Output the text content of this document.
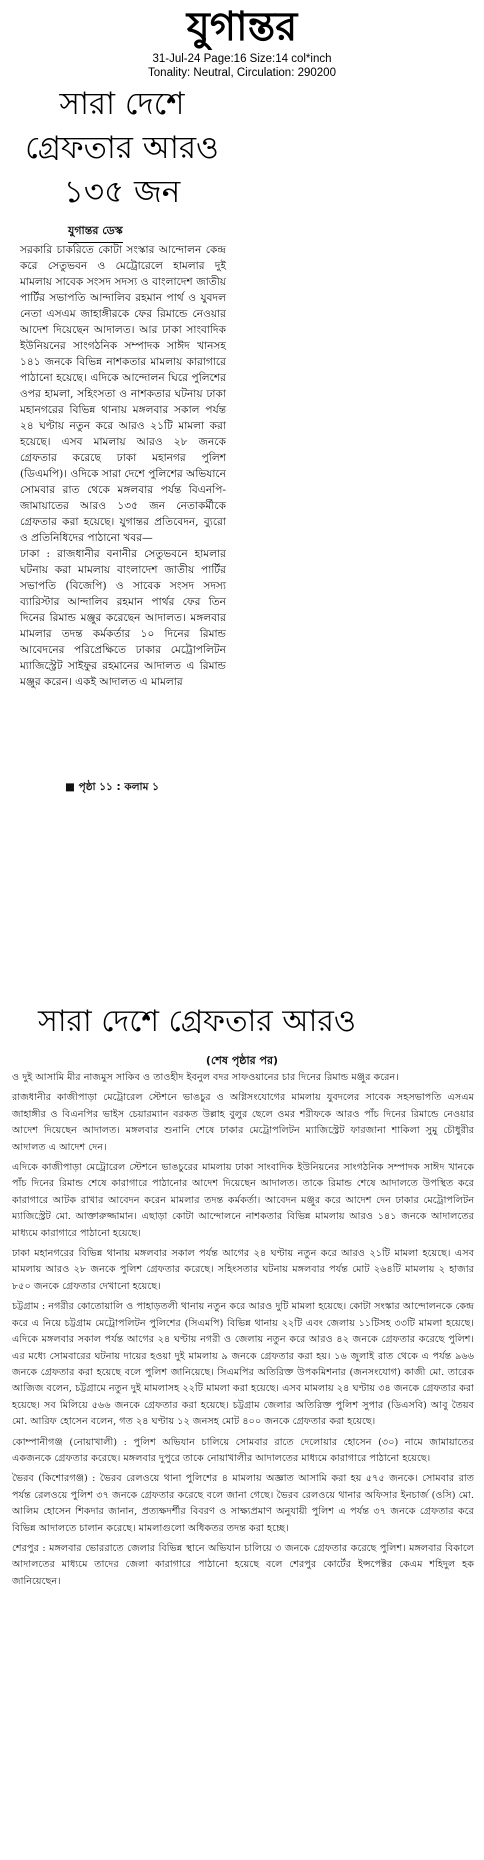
যুগান্তর
31-Jul-24 Page:16 Size:14 col*inch
Tonality: Neutral, Circulation: 290200
সারা দেশে
গ্রেফতার আরও
১৩৫ জন
যুগান্তর ডেস্ক

সরকারি চাকরিতে কোটা সংস্কার আন্দোলন কেন্দ্র করে সেতুভবন ও মেট্রোরেলে হামলার দুই মামলায় সাবেক সংসদ সদস্য ও বাংলাদেশ জাতীয় পার্টির সভাপতি আন্দালিব রহমান পার্থ ও যুবদল নেতা এসএম জাহাঙ্গীরকে ফের রিমান্ডে নেওয়ার আদেশ দিয়েছেন আদালত। আর ঢাকা সাংবাদিক ইউনিয়নের সাংগঠনিক সম্পাদক সাঈদ খানসহ ১৪১ জনকে বিভিন্ন নাশকতার মামলায় কারাগারে পাঠানো হয়েছে। এদিকে আন্দোলন ঘিরে পুলিশের ওপর হামলা, সহিংসতা ও নাশকতার ঘটনায় ঢাকা মহানগরের বিভিন্ন থানায় মঙ্গলবার সকাল পর্যন্ত ২৪ ঘণ্টায় নতুন করে আরও ২১টি মামলা করা হয়েছে। এসব মামলায় আরও ২৮ জনকে গ্রেফতার করেছে ঢাকা মহানগর পুলিশ (ডিএমপি)। ওদিকে সারা দেশে পুলিশের অভিযানে সোমবার রাত থেকে মঙ্গলবার পর্যন্ত বিএনপি-জামায়াতের আরও ১৩৫ জন নেতাকর্মীকে গ্রেফতার করা হয়েছে। যুগান্তর প্রতিবেদন, ব্যুরো ও প্রতিনিধিদের পাঠানো খবর—

ঢাকা : রাজধানীর বনানীর সেতুভবনে হামলার ঘটনায় করা মামলায় বাংলাদেশ জাতীয় পার্টির সভাপতি (বিজেপি) ও সাবেক সংসদ সদস্য ব্যারিস্টার আন্দালিব রহমান পার্থর ফের তিন দিনের রিমান্ড মঞ্জুর করেছেন আদালত। মঙ্গলবার মামলার তদন্ত কর্মকর্তার ১০ দিনের রিমান্ড আবেদনের পরিপ্রেক্ষিতে ঢাকার মেট্রোপলিটন ম্যাজিস্ট্রেট সাইফুর রহমানের আদালত এ রিমান্ড মঞ্জুর করেন। একই আদালত এ মামলার

■ পৃষ্ঠা ১১ : কলাম ১
সারা দেশে গ্রেফতার আরও
(শেষ পৃষ্ঠার পর)

ও দুই আসামি মীর নাজমুস সাকিব ও তাওহীদ ইবনুল বদর সাফওয়ানের চার দিনের রিমান্ড মঞ্জুর করেন।

রাজধানীর কাজীপাড়া মেট্রোরেল স্টেশনে ভাঙচুর ও অগ্নিসংযোগের মামলায় যুবদলের সাবেক সহসভাপতি এসএম জাহাঙ্গীর ও বিএনপির ভাইস চেয়ারম্যান বরকত উল্লাহ বুলুর ছেলে ওমর শরীফকে আরও পাঁচ দিনের রিমান্ডে নেওয়ার আদেশ দিয়েছেন আদালত। মঙ্গলবার শুনানি শেষে ঢাকার মেট্রোপলিটন ম্যাজিস্ট্রেট ফারজানা শাকিলা সুমু চৌধুরীর আদালত এ আদেশ দেন।

এদিকে কাজীপাড়া মেট্রোরেল স্টেশনে ভাঙচুরের মামলায় ঢাকা সাংবাদিক ইউনিয়নের সাংগঠনিক সম্পাদক সাঈদ খানকে পাঁচ দিনের রিমান্ড শেষে কারাগারে পাঠানোর আদেশ দিয়েছেন আদালত। তাকে রিমান্ড শেষে আদালতে উপস্থিত করে কারাগারে আটক রাখার আবেদন করেন মামলার তদন্ত কর্মকর্তা। আবেদন মঞ্জুর করে আদেশ দেন ঢাকার মেট্রোপলিটন ম্যাজিস্ট্রেট মো. আক্তারুজ্জামান। এছাড়া কোটা আন্দোলনে নাশকতার বিভিন্ন মামলায় আরও ১৪১ জনকে আদালতের মাধ্যমে কারাগারে পাঠানো হয়েছে।

ঢাকা মহানগরের বিভিন্ন থানায় মঙ্গলবার সকাল পর্যন্ত আগের ২৪ ঘণ্টায় নতুন করে আরও ২১টি মামলা হয়েছে। এসব মামলায় আরও ২৮ জনকে পুলিশ গ্রেফতার করেছে। সহিংসতার ঘটনায় মঙ্গলবার পর্যন্ত মোট ২৬৪টি মামলায় ২ হাজার ৮৫০ জনকে গ্রেফতার দেখানো হয়েছে।

চট্টগ্রাম : নগরীর কোতোয়ালি ও পাহাড়তলী থানায় নতুন করে আরও দুটি মামলা হয়েছে। কোটা সংস্কার আন্দোলনকে কেন্দ্র করে এ নিয়ে চট্টগ্রাম মেট্রোপলিটন পুলিশের (সিএমপি) বিভিন্ন থানায় ২২টি এবং জেলায় ১১টিসহ ৩৩টি মামলা হয়েছে। এদিকে মঙ্গলবার সকাল পর্যন্ত আগের ২৪ ঘণ্টায় নগরী ও জেলায় নতুন করে আরও ৪২ জনকে গ্রেফতার করেছে পুলিশ। এর মধ্যে সোমবারের ঘটনায় দায়ের হওয়া দুই মামলায় ৯ জনকে গ্রেফতার করা হয়। ১৬ জুলাই রাত থেকে এ পর্যন্ত ৯৬৬ জনকে গ্রেফতার করা হয়েছে বলে পুলিশ জানিয়েছে। সিএমপির অতিরিক্ত উপকমিশনার (জনসংযোগ) কাজী মো. তারেক আজিজ বলেন, চট্টগ্রামে নতুন দুই মামলাসহ ২২টি মামলা করা হয়েছে। এসব মামলায় ২৪ ঘণ্টায় ৩৪ জনকে গ্রেফতার করা হয়েছে। সব মিলিয়ে ৫৬৬ জনকে গ্রেফতার করা হয়েছে। চট্টগ্রাম জেলার অতিরিক্ত পুলিশ সুপার (ডিএসবি) আবু তৈয়ব মো. আরিফ হোসেন বলেন, গত ২৪ ঘণ্টায় ১২ জনসহ মোট ৪০০ জনকে গ্রেফতার করা হয়েছে।

কোম্পানীগঞ্জ (নোয়াখালী) : পুলিশ অভিযান চালিয়ে সোমবার রাতে দেলোয়ার হোসেন (৩০) নামে জামায়াতের একজনকে গ্রেফতার করেছে। মঙ্গলবার দুপুরে তাকে নোয়াখালীর আদালতের মাধ্যমে কারাগারে পাঠানো হয়েছে।

ভৈরব (কিশোরগঞ্জ) : ভৈরব রেলওয়ে থানা পুলিশের ৪ মামলায় অজ্ঞাত আসামি করা হয় ৫৭৫ জনকে। সোমবার রাত পর্যন্ত রেলওয়ে পুলিশ ৩৭ জনকে গ্রেফতার করেছে বলে জানা গেছে। ভৈরব রেলওয়ে থানার অফিসার ইনচার্জ (ওসি) মো. আলিম হোসেন শিকদার জানান, প্রত্যক্ষদর্শীর বিবরণ ও সাক্ষ্যপ্রমাণ অনুযায়ী পুলিশ এ পর্যন্ত ৩৭ জনকে গ্রেফতার করে বিভিন্ন আদালতে চালান করেছে। মামলাগুলো অধিকতর তদন্ত করা হচ্ছে।

শেরপুর : মঙ্গলবার ভোররাতে জেলার বিভিন্ন স্থানে অভিযান চালিয়ে ৩ জনকে গ্রেফতার করেছে পুলিশ। মঙ্গলবার বিকালে আদালতের মাধ্যমে তাদের জেলা কারাগারে পাঠানো হয়েছে বলে শেরপুর কোর্টের ইন্সপেক্টর কেএম শহিদুল হক জানিয়েছেন।
